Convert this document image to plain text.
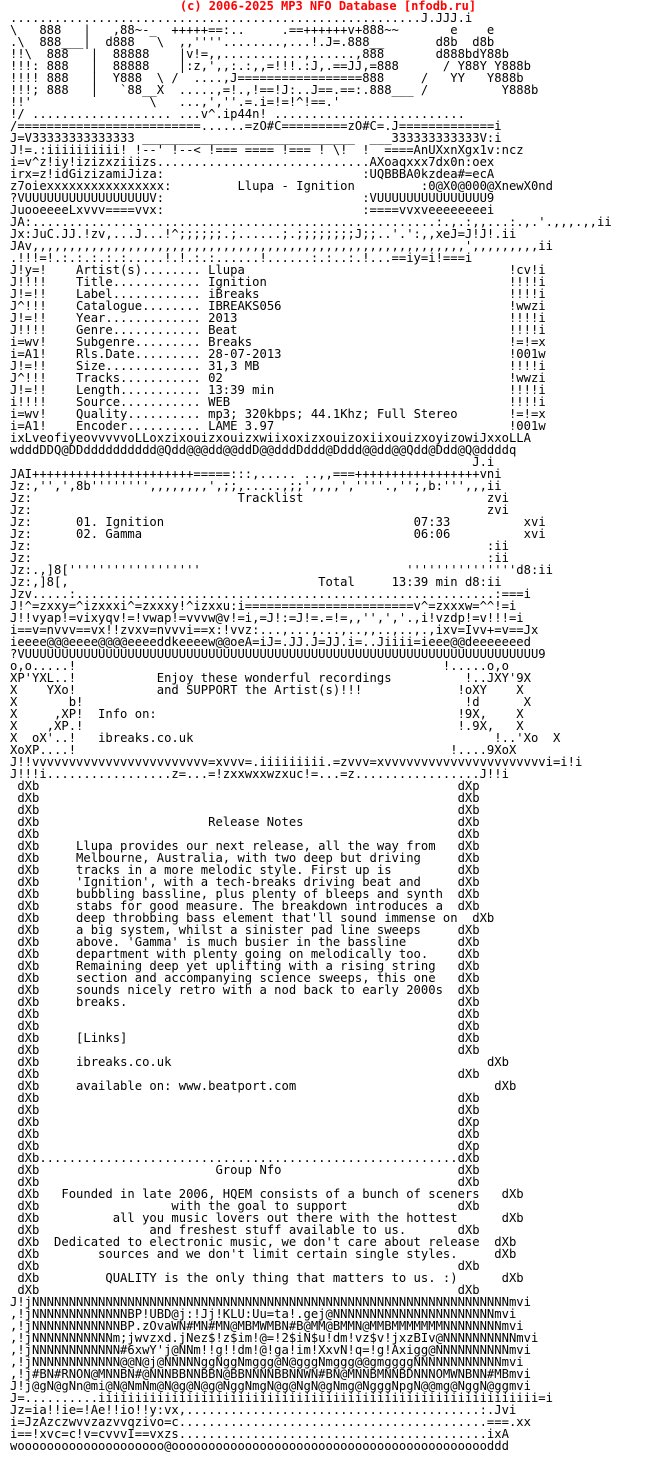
(c) 2006-2025 MP3 NFO Database [nfodb.ru]
........................................................J.JJJ.i
\   888   |   ,88~-_  +++++==:..     .==++++++v+888~~       e    e
.\  888___|  d888   \  ,,''''........,...!.J=.888__       d8b  d8b
!!\  888   |  88888    |v!=,,...........,......,888       d888bdY88b
!!!: 888   |  88888    |:z,',,:.:,,=!!!.:J,.==JJ,=888      / Y88Y Y888b
!!!! 888   |  Y888  \ /  ....,J=================888     /   YY   Y888b
!!!; 888   |   `88__X  .....,=!.,!==!J:..J==.==:.888___ /          Y888b
!!'                \   ...,',''.=.i=!=!^!==.'
!/ ................... ...v^.ip44n! ..........................
/=========================......=zO#C=========zO#C=.J=============i
J=V33333333333333 _____________________________  ___333333333333V:i
J!=.:iiiiiiiiii! !--' !--< !=== ==== !=== ! \!  !  ====AnUXxnXgx1v:ncz
i=v^z!iy!izizxziiizs.............................AXoaqxxx7dx0n:oex
irx=z!idGizizamiJiza:                           :UQBBBA0kzdea#=ecA
z7oiexxxxxxxxxxxxxxxx:         Llupa - Ignition         :0@X0@000@XnewX0nd
?VUUUUUUUUUUUUUUUUUV:                           :VUUUUUUUUUUUUUUU9
JuooeeeeLxvvv====vvx:                           :====vvxveeeeeeeei
JA:.......................................................:.,.:,,...:.,.'.,,,.,,ii
Jx:JuC.JJ.!zv,...J...!^;;;;;;.;......;.;;;;;;;;J;;..'.':,,xeJ=J!J!.ii
JAv,,,,,,,,,,,,,,,,,,,,,,,,,,,,,,,,,,,,,,,,,,,,,,,,,,,,,,,,,,,',,,,,,,,,ii
.!!!=!.:.:.:.:.:.....!.!.:.:......!......:.:..:.!...==iy=i!===i
J!y=!    Artist(s)........ Llupa                                    !cv!i
J!!!!    Title............ Ignition                                 !!!!i
J!=!!    Label............ iBreaks                                  !!!!i
J^!!!    Catalogue........ IBREAKS056                               !wwzi
J!=!!    Year............. 2013                                     !!!!i
J!!!!    Genre............ Beat                                     !!!!i
i=wv!    Subgenre......... Breaks                                   !=!=x
i=A1!    Rls.Date......... 28-07-2013                               !001w
J!=!!    Size............. 31,3 MB                                  !!!!i
J^!!!    Tracks........... 02                                       !wwzi
J!=!!    Length........... 13:39 min                                !!!!i
i!!!!    Source........... WEB                                      !!!!i
i=wv!    Quality.......... mp3; 320kbps; 44.1Khz; Full Stereo       !=!=x
i=A1!    Encoder.......... LAME 3.97                                !001w
ixLveofiyeovvvvvoLLoxzixouizxouizxwiixoxizxouizoxiixouizxoyizowiJxxoLLA
wdddDDQ@DDdddddddddd@Qdd@@@dd@@ddD@@dddDddd@Dddd@@dd@@Qdd@Ddd@Q@ddddq
J.i
JAI++++++++++++++++++++++=====:::,..... ..,,===+++++++++++++++++vni
Jz:,'',',8b'''''''',,,,,,,,',;;,.....,;;',,,,',''''.,'';,b:''',,,ii
Jz:                            Tracklist                         zvi
Jz:                                                              zvi
Jz:      01. Ignition	07:33          xvi
Jz:      02. Gamma	06:06          xvi
Jz:                                                              :ii
Jz:                                                              :ii
Jz:.,]8[''''''''''''''''''                            '''''''''''''''d8:ii
Jz:,]8[,                                  Total     13:39 min d8:ii
Jzv.....:.........................................................:===i
J!^=zxxy=^izxxxi^=zxxxy!^izxxu:i=======================v^=zxxxw=^^!=i
J!!vyap!=vixyqv!=!vwap!=vvvw@v!=i,=J!:=J!=.=!=,,'',','.,i!vzdp!=v!!!=i
i==v=nvvv==vx!!zvxv=nvvvi==x:!vvz:...,...,...,..,,..,..,.,ixv=Ivv+=v==Jx
ieeee@@@eeee@@@@eeeeddkeeeew@@oeA=iJ=.JJ.J=JJ.i=..Jiiii=ieee@@deeeeeeed
?VUUUUUUUUUUUUUUUUUUUUUUUUUUUUUUUUUUUUUUUUUUUUUUUUUUUUUUUUUUUUUUUUUUUUUU9
o,o.....!                                                  !.....o,o
XP'YXL..!           Enjoy these wonderful recordings          !..JXY'9X
X    YXo!           and SUPPORT the Artist(s)!!!             !oXY    X
X       b!                                                    !d      X
X     ,XP!  Info on:                                         !9X,    X
X    ,XP.!                                                   !.9X,   X
X  oX'..!   ibreaks.co.uk                                         !..'Xo  X
XoXP....!                                                   !....9XoX
J!!vvvvvvvvvvvvvvvvvvvvvvvv=xvvv=.iiiiiiiii.=zvvv=xvvvvvvvvvvvvvvvvvvvvvvi=i!i
J!!!i.................z=...=!zxxwxxwzxuc!=...=z.................J!!i
dXb                                                         dXp
dXb                                                         dXb
dXb                                                         dXb
dXb                       Release Notes                     dXb
dXb                                                         dXb
dXb     Llupa provides our next release, all the way from   dXb
dXb     Melbourne, Australia, with two deep but driving     dXb
dXb     tracks in a more melodic style. First up is         dXb
dXb     'Ignition', with a tech-breaks driving beat and     dXb
dXb     bubbling bassline, plus plenty of bleeps and synth  dXb
dXb     stabs for good measure. The breakdown introduces a  dXb
dXb     deep throbbing bass element that'll sound immense on  dXb
dXb     a big system, whilst a sinister pad line sweeps     dXb
dXb     above. 'Gamma' is much busier in the bassline       dXb
dXb     department with plenty going on melodically too.    dXb
dXb     Remaining deep yet uplifting with a rising string   dXb
dXb     section and accompanying science sweeps, this one   dXb
dXb     sounds nicely retro with a nod back to early 2000s  dXb
dXb     breaks.                                             dXb
dXb                                                         dXb
dXb                                                         dXb
dXb     [Links]                                             dXb
dXb                                                         dXb
dXb     ibreaks.co.uk                                           dXb
dXb                                                         dXb
dXb     available on: www.beatport.com                           dXb
dXb                                                         dXb
dXb                                                         dXb
dXb                                                         dXp
dXb                                                         dXb
dXb                                                         dXp
dXb.........................................................dXb
dXb                        Group Nfo                        dXb
dXb                                                         dXb
dXb   Founded in late 2006, HQEM consists of a bunch of sceners   dXb
dXb                  with the goal to support               dXb
dXb          all you music lovers out there with the hottest      dXb
dXb               and freshest stuff available to us.       dXb
dXb  Dedicated to electronic music, we don't care about release  dXb
dXb        sources and we don't limit certain single styles.     dXb
dXb                                                         dXb
dXb         QUALITY is the only thing that matters to us. :)      dXb
dXb                                                         dXb
J!jNNNNNNNNNNNNNNNNNNNNNNNNNNNNNNNNNNNNNNNNNNNNNNNNNNNNNNNNNNNNNNNNNmvi
,!jNNNNNNNNNNNNNBP!UBD@j:!Jj!KLU:Uu=ta!.gej@NNNNNNNNNNNNNNNNNNNNNNmvi
,!jNNNNNNNNNNNNBP.zOvaWN#MN#MN@MBMWMBN#B@MM@BMMN@MMBMMMMMMMNNNNNNNNmvi
,!jNNNNNNNNNNNm;jwvzxd.jNez$!z$im!@=!2$iN$u!dm!vz$v!jxzBIv@NNNNNNNNNNmvi
,!jNNNNNNNNNNNN#6xwY'j@NNm!!g!!dm!@!ga!im!XxvN!q=!g!Axigg@NNNNNNNNNNmvi
,!jNNNNNNNNNNNN@@N@j@NNNNNggNggNmggg@N@gggNmggg@@gmggggNNNNNNNNNNNNmvi
,!j#BN#RNON@MNNBN#@NNNBBNNBBN@BBNNNNBBNNWN#BN@MNNBMNNBDNNNOMWNBNN#MBmvi
J!j@gN@gNn@mi@N@NmNm@N@g@N@g@NggNmgN@g@NgN@gNmg@NgggNpgN@@mg@NggN@ggmvi
J=..........iiiiiiiiiiiiiiiiiiiiiiiiiiiiiiiiiiiiiiiiiiiiiiiiiiiiiiiiiiii=i
Jz=ia!!ie=!Ae!!io!!y:vx,........................................:.Jvi
i=JzAzczwvvzazvvqzivo=c..........................................===.xx
i==!xvc=c!v=cvvvI==vxzs..........................................ixA
woooooooooooooooooooo@oooooooooooooooooooooooooooooooooooooooooooddd
